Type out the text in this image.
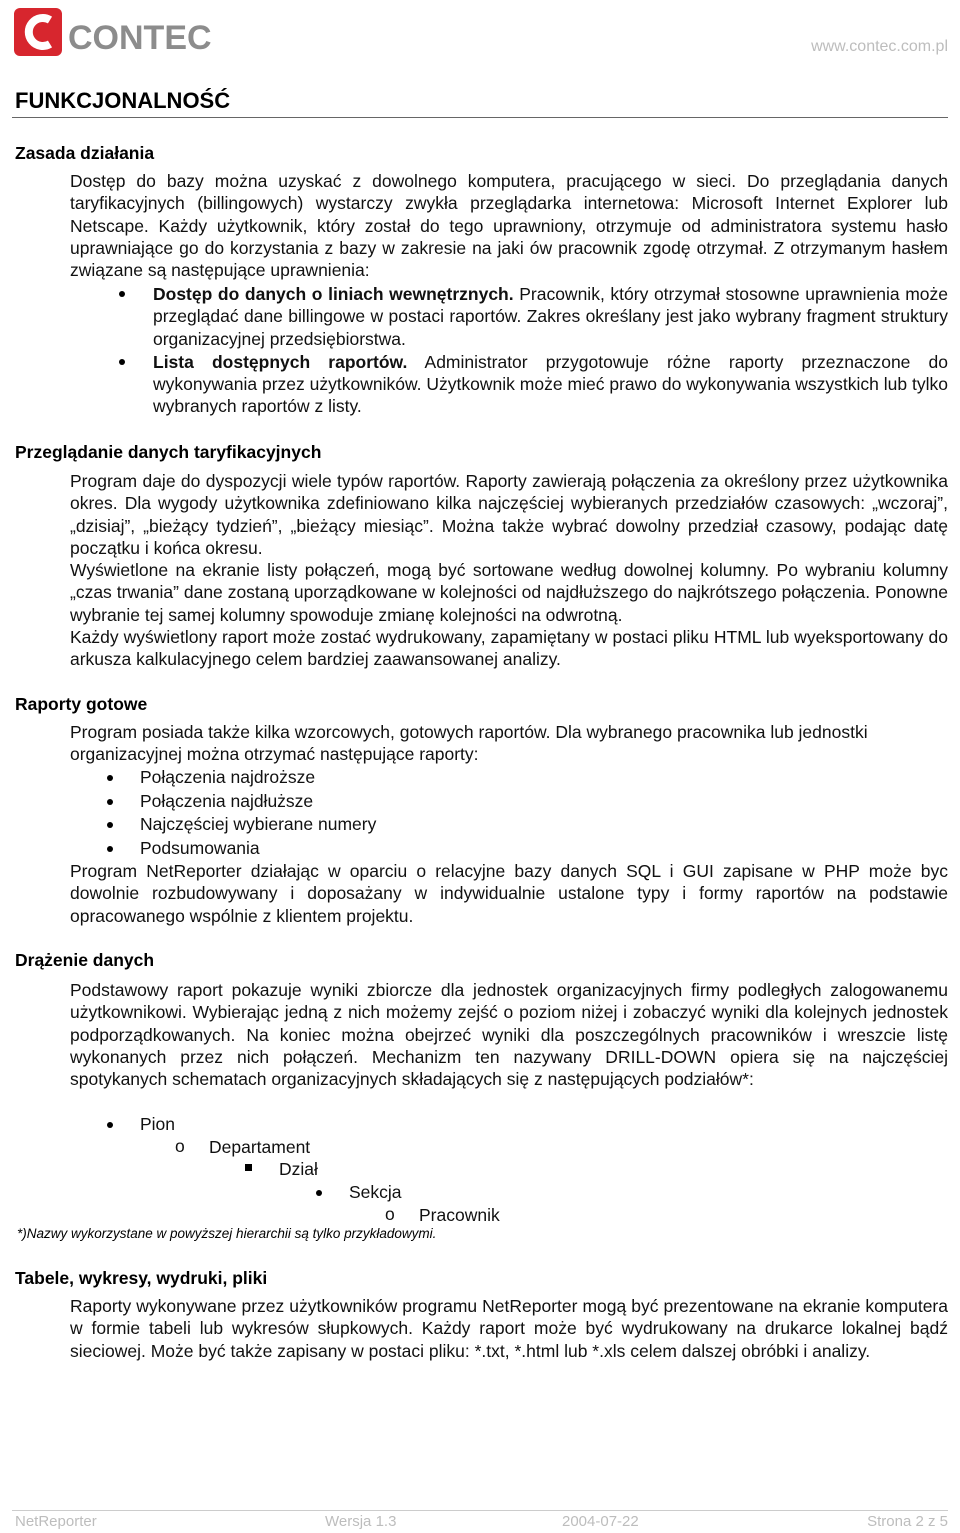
CONTEC	www.contec.com.pl
FUNKCJONALNOŚĆ
Zasada działania

Dostęp do bazy można uzyskać z dowolnego komputera, pracującego w sieci. Do przeglądania danych taryfikacyjnych (billingowych) wystarczy zwykła przeglądarka internetowa: Microsoft Internet Explorer lub Netscape. Każdy użytkownik, który został do tego uprawniony, otrzymuje od administratora systemu hasło uprawniające go do korzystania z bazy w zakresie na jaki ów pracownik zgodę otrzymał. Z otrzymanym hasłem związane są następujące uprawnienia:

Dostęp do danych o liniach wewnętrznych. Pracownik, który otrzymał stosowne uprawnienia może przeglądać dane billingowe w postaci raportów. Zakres określany jest jako wybrany fragment struktury organizacyjnej przedsiębiorstwa.
Lista dostępnych raportów. Administrator przygotowuje różne raporty przeznaczone do wykonywania przez użytkowników. Użytkownik może mieć prawo do wykonywania wszystkich lub tylko wybranych raportów z listy.
Przeglądanie danych taryfikacyjnych

Program daje do dyspozycji wiele typów raportów. Raporty zawierają połączenia za określony przez użytkownika okres. Dla wygody użytkownika zdefiniowano kilka najczęściej wybieranych przedziałów czasowych: „wczoraj”, „dzisiaj”, „bieżący tydzień”, „bieżący miesiąc”. Można także wybrać dowolny przedział czasowy, podając datę początku i końca okresu.

Wyświetlone na ekranie listy połączeń, mogą być sortowane według dowolnej kolumny. Po wybraniu kolumny „czas trwania” dane zostaną uporządkowane w kolejności od najdłuższego do najkrótszego połączenia. Ponowne wybranie tej samej kolumny spowoduje zmianę kolejności na odwrotną.

Każdy wyświetlony raport może zostać wydrukowany, zapamiętany w postaci pliku HTML lub wyeksportowany do arkusza kalkulacyjnego celem bardziej zaawansowanej analizy.

Raporty gotowe

Program posiada także kilka wzorcowych, gotowych raportów. Dla wybranego pracownika lub jednostki organizacyjnej można otrzymać następujące raporty:

Połączenia najdroższe
Połączenia najdłuższe
Najczęściej wybierane numery
Podsumowania

Program NetReporter działając w oparciu o relacyjne bazy danych SQL i GUI zapisane w PHP może byc dowolnie rozbudowywany i doposażany w indywidualnie ustalone typy i formy raportów na podstawie opracowanego wspólnie z klientem projektu.

Drążenie danych

Podstawowy raport pokazuje wyniki zbiorcze dla jednostek organizacyjnych firmy podległych zalogowanemu użytkownikowi. Wybierając jedną z nich możemy zejść o poziom niżej i zobaczyć wyniki dla kolejnych jednostek podporządkowanych. Na koniec można obejrzeć wyniki dla poszczególnych pracowników i wreszcie listę wykonanych przez nich połączeń. Mechanizm ten nazywany DRILL-DOWN opiera się na najczęściej spotykanych schematach organizacyjnych składających się z następujących podziałów*:

Pion
o Departament
Dział
Sekcja
o Pracownik
*)Nazwy wykorzystane w powyższej hierarchii są tylko przykładowymi.
Tabele, wykresy, wydruki, pliki

Raporty wykonywane przez użytkowników programu NetReporter mogą być prezentowane na ekranie komputera w formie tabeli lub wykresów słupkowych. Każdy raport może być wydrukowany na drukarce lokalnej bądź sieciowej. Może być także zapisany w postaci pliku: *.txt, *.html lub *.xls celem dalszej obróbki i analizy.

NetReporter	Wersja 1.3	2004-07-22	Strona 2 z 5
